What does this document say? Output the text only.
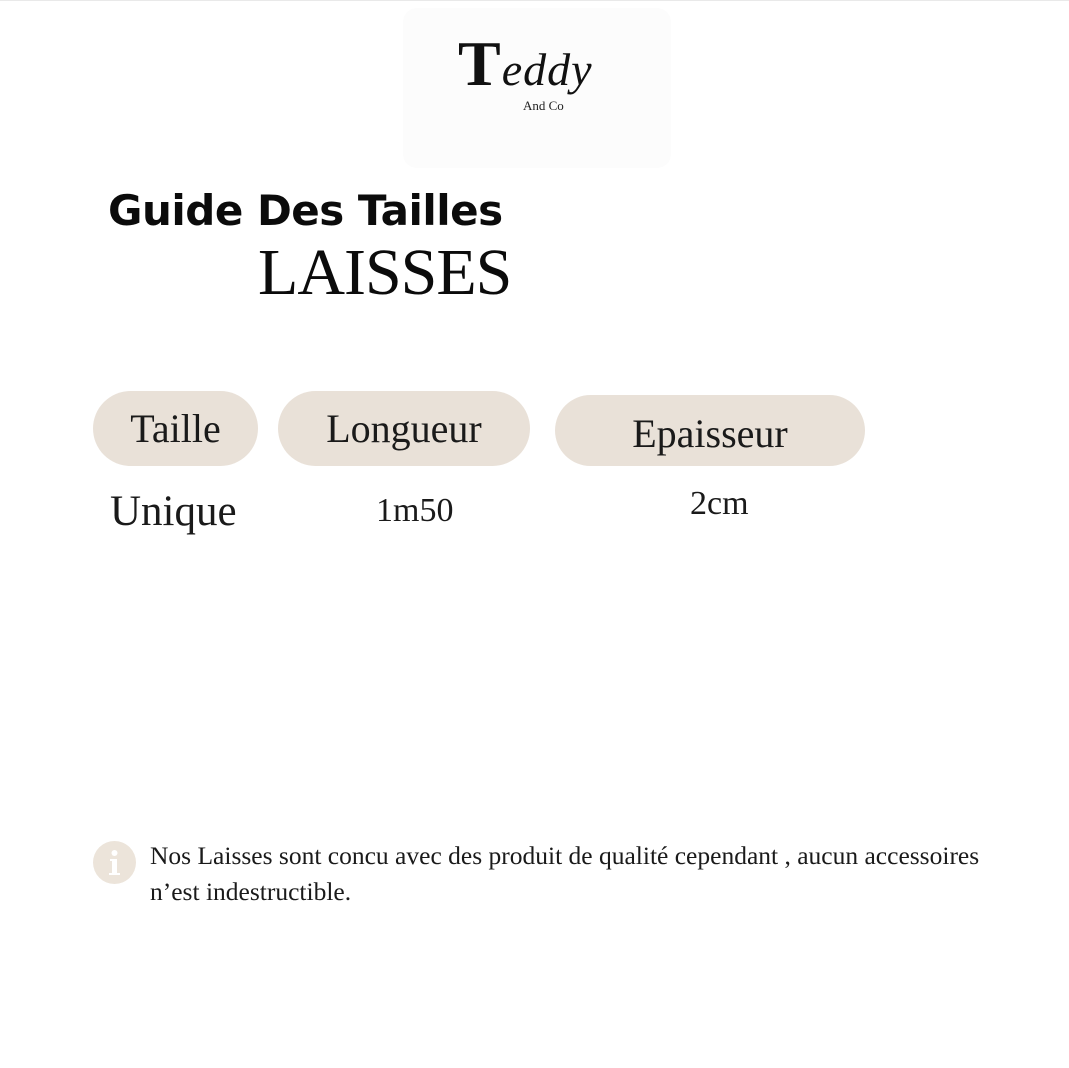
Teddy
And Co
Guide Des Tailles
LAISSES
Taille	Longueur	Epaisseur
Unique	1m50	2cm
Nos Laisses sont concu avec des produit de qualité cependant , aucun accessoires n’est indestructible.
